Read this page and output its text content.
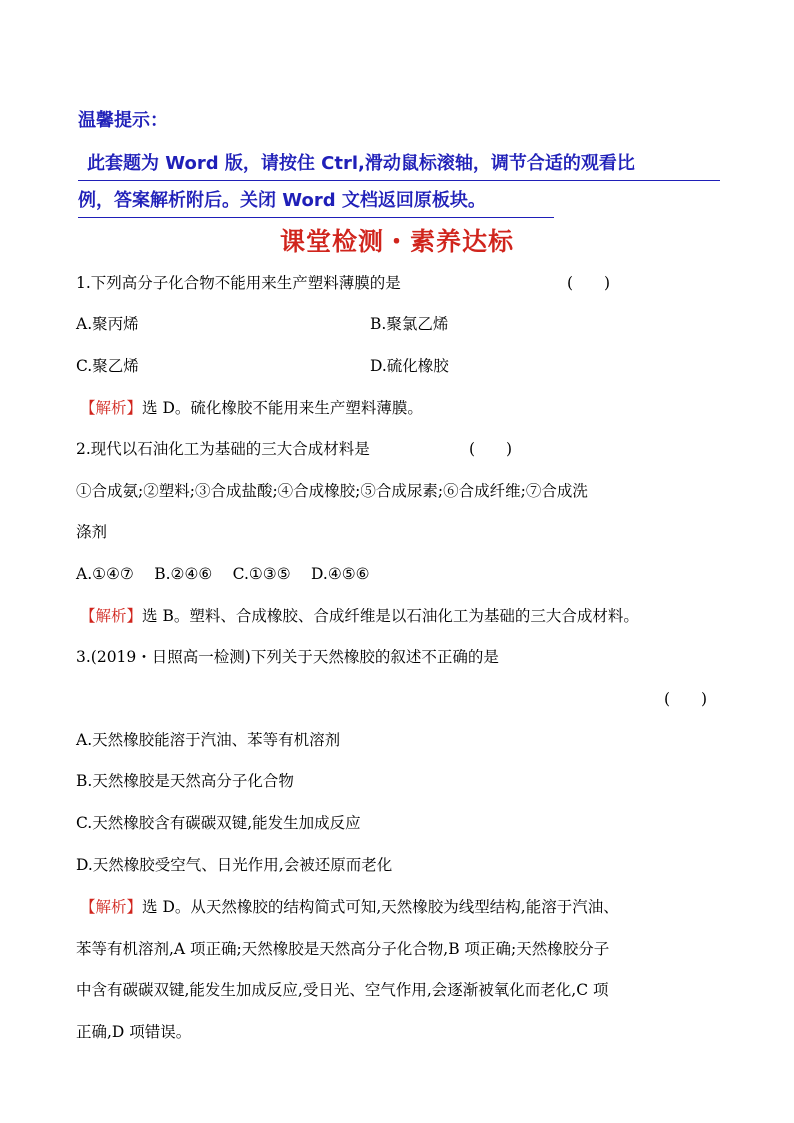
温馨提示：
此套题为 Word 版，请按住 Ctrl,滑动鼠标滚轴，调节合适的观看比
例，答案解析附后。关闭 Word 文档返回原板块。
课堂检测・素养达标
1.下列高分子化合物不能用来生产塑料薄膜的是	(　　)
A.聚丙烯	B.聚氯乙烯
C.聚乙烯	D.硫化橡胶
【解析】选 D。硫化橡胶不能用来生产塑料薄膜。
2.现代以石油化工为基础的三大合成材料是	(　　)
①合成氨;②塑料;③合成盐酸;④合成橡胶;⑤合成尿素;⑥合成纤维;⑦合成洗
涤剂
A.①④⑦　 B.②④⑥　 C.①③⑤　 D.④⑤⑥
【解析】选 B。塑料、合成橡胶、合成纤维是以石油化工为基础的三大合成材料。
3.(2019・日照高一检测)下列关于天然橡胶的叙述不正确的是
(　　)
A.天然橡胶能溶于汽油、苯等有机溶剂
B.天然橡胶是天然高分子化合物
C.天然橡胶含有碳碳双键,能发生加成反应
D.天然橡胶受空气、日光作用,会被还原而老化
【解析】选 D。从天然橡胶的结构简式可知,天然橡胶为线型结构,能溶于汽油、
苯等有机溶剂,A 项正确;天然橡胶是天然高分子化合物,B 项正确;天然橡胶分子
中含有碳碳双键,能发生加成反应,受日光、空气作用,会逐渐被氧化而老化,C 项
正确,D 项错误。
